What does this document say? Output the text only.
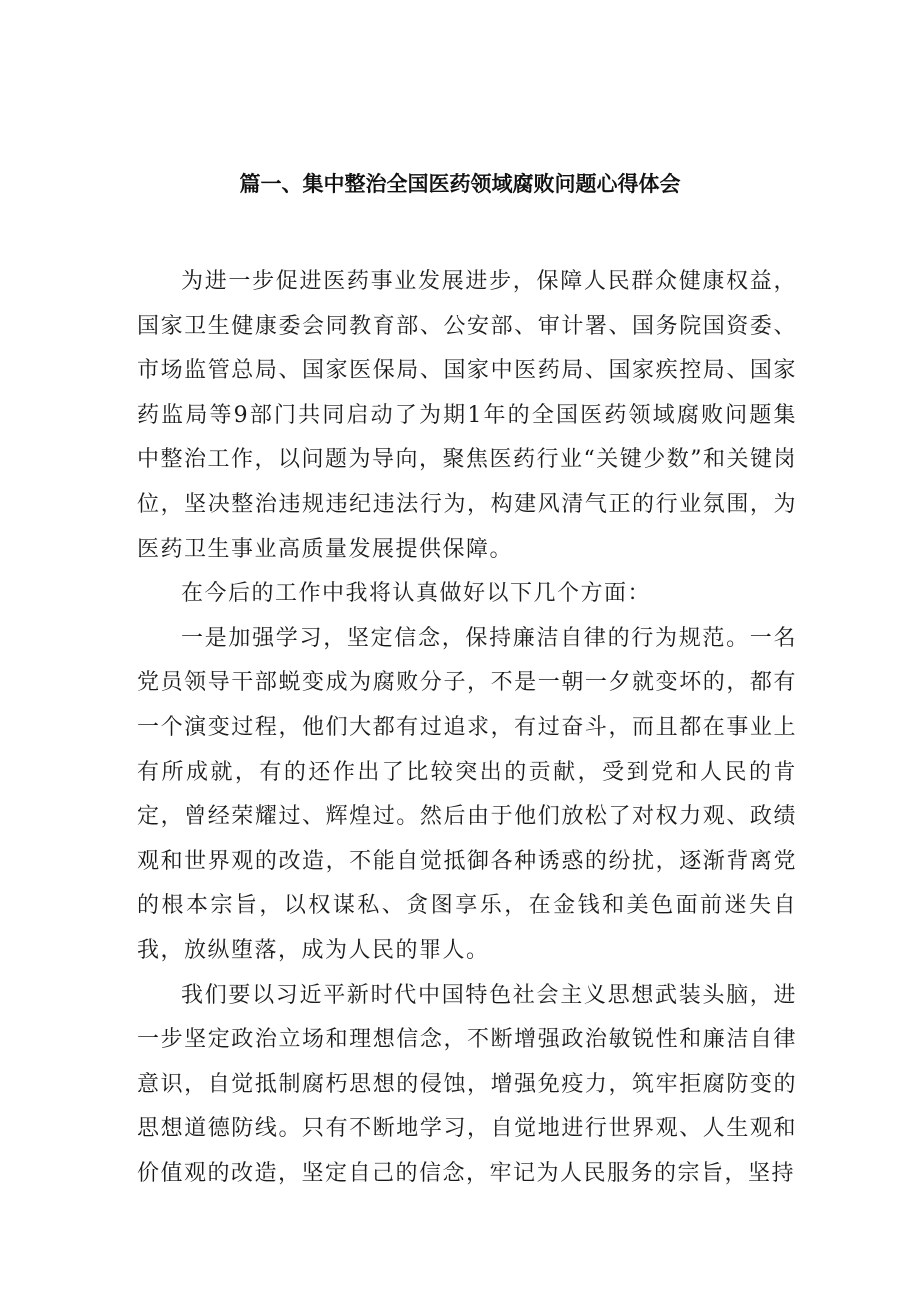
篇一、集中整治全国医药领域腐败问题心得体会

为进一步促进医药事业发展进步，保障人民群众健康权益，国家卫生健康委会同教育部、公安部、审计署、国务院国资委、市场监管总局、国家医保局、国家中医药局、国家疾控局、国家药监局等9部门共同启动了为期1年的全国医药领域腐败问题集中整治工作，以问题为导向，聚焦医药行业“关键少数”和关键岗位，坚决整治违规违纪违法行为，构建风清气正的行业氛围，为医药卫生事业高质量发展提供保障。

在今后的工作中我将认真做好以下几个方面：

一是加强学习，坚定信念，保持廉洁自律的行为规范。一名党员领导干部蜕变成为腐败分子，不是一朝一夕就变坏的，都有一个演变过程，他们大都有过追求，有过奋斗，而且都在事业上有所成就，有的还作出了比较突出的贡献，受到党和人民的肯定，曾经荣耀过、辉煌过。然后由于他们放松了对权力观、政绩观和世界观的改造，不能自觉抵御各种诱惑的纷扰，逐渐背离党的根本宗旨，以权谋私、贪图享乐，在金钱和美色面前迷失自我，放纵堕落，成为人民的罪人。

我们要以习近平新时代中国特色社会主义思想武装头脑，进一步坚定政治立场和理想信念，不断增强政治敏锐性和廉洁自律意识，自觉抵制腐朽思想的侵蚀，增强免疫力，筑牢拒腐防变的思想道德防线。只有不断地学习，自觉地进行世界观、人生观和价值观的改造，坚定自己的信念，牢记为人民服务的宗旨，坚持
